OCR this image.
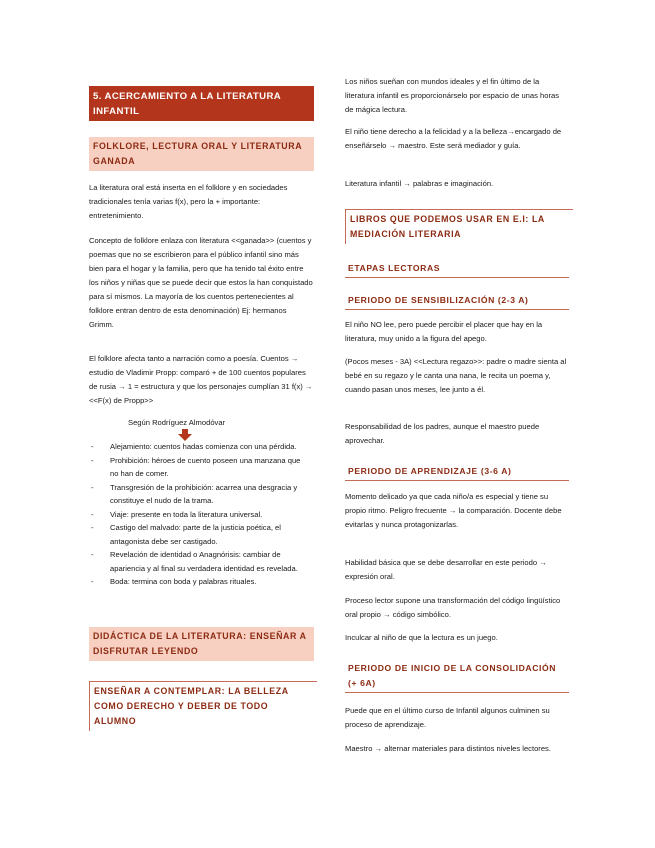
5. ACERCAMIENTO A LA LITERATURA INFANTIL
FOLKLORE, LECTURA ORAL Y LITERATURA GANADA

La literatura oral está inserta en el folklore y en sociedades tradicionales tenía varias f(x), pero la + importante: entretenimiento.

Concepto de folklore enlaza con literatura <<ganada>> (cuentos y poemas que no se escribieron para el público infantil sino más bien para el hogar y la familia, pero que ha tenido tal éxito entre los niños y niñas que se puede decir que estos la han conquistado para sí mismos. La mayoría de los cuentos pertenecientes al folklore entran dentro de esta denominación) Ej: hermanos Grimm.

El folklore afecta tanto a narración como a poesía. Cuentos → estudio de Vladimir Propp: comparó + de 100 cuentos populares de rusia → 1 = estructura y que los personajes cumplían 31 f(x) → <<F(x) de Propp>>

Según Rodríguez Almodóvar
- Alejamiento: cuentos hadas comienza con una pérdida.
- Prohibición: héroes de cuento poseen una manzana que no han de comer.
- Transgresión de la prohibición: acarrea una desgracia y constituye el nudo de la trama.
- Viaje: presente en toda la literatura universal.
- Castigo del malvado: parte de la justicia poética, el antagonista debe ser castigado.
- Revelación de identidad o Anagnórisis: cambiar de apariencia y al final su verdadera identidad es revelada.
- Boda: termina con boda y palabras rituales.
DIDÁCTICA DE LA LITERATURA: ENSEÑAR A DISFRUTAR LEYENDO
ENSEÑAR A CONTEMPLAR: LA BELLEZA COMO DERECHO Y DEBER DE TODO ALUMNO

Los niños sueñan con mundos ideales y el fin último de la literatura infantil es proporcionárselo por espacio de unas horas de mágica lectura.

El niño tiene derecho a la felicidad y a la belleza→encargado de enseñárselo → maestro. Este será mediador y guía.

Literatura infantil → palabras e imaginación.

LIBROS QUE PODEMOS USAR EN E.I: LA MEDIACIÓN LITERARIA
ETAPAS LECTORAS
PERIODO DE SENSIBILIZACIÓN (2-3 A)

El niño NO lee, pero puede percibir el placer que hay en la literatura, muy unido a la figura del apego.

(Pocos meses - 3A) <<Lectura regazo>>: padre o madre sienta al bebé en su regazo y le canta una nana, le recita un poema y, cuando pasan unos meses, lee junto a él.

Responsabilidad de los padres, aunque el maestro puede aprovechar.

PERIODO DE APRENDIZAJE (3-6 A)

Momento delicado ya que cada niño/a es especial y tiene su propio ritmo. Peligro frecuente → la comparación. Docente debe evitarlas y nunca protagonizarlas.

Habilidad básica que se debe desarrollar en este periodo → expresión oral.

Proceso lector supone una transformación del código lingüístico oral propio → código simbólico.

Inculcar al niño de que la lectura es un juego.

PERIODO DE INICIO DE LA CONSOLIDACIÓN (+ 6A)

Puede que en el último curso de Infantil algunos culminen su proceso de aprendizaje.

Maestro → alternar materiales para distintos niveles lectores.
